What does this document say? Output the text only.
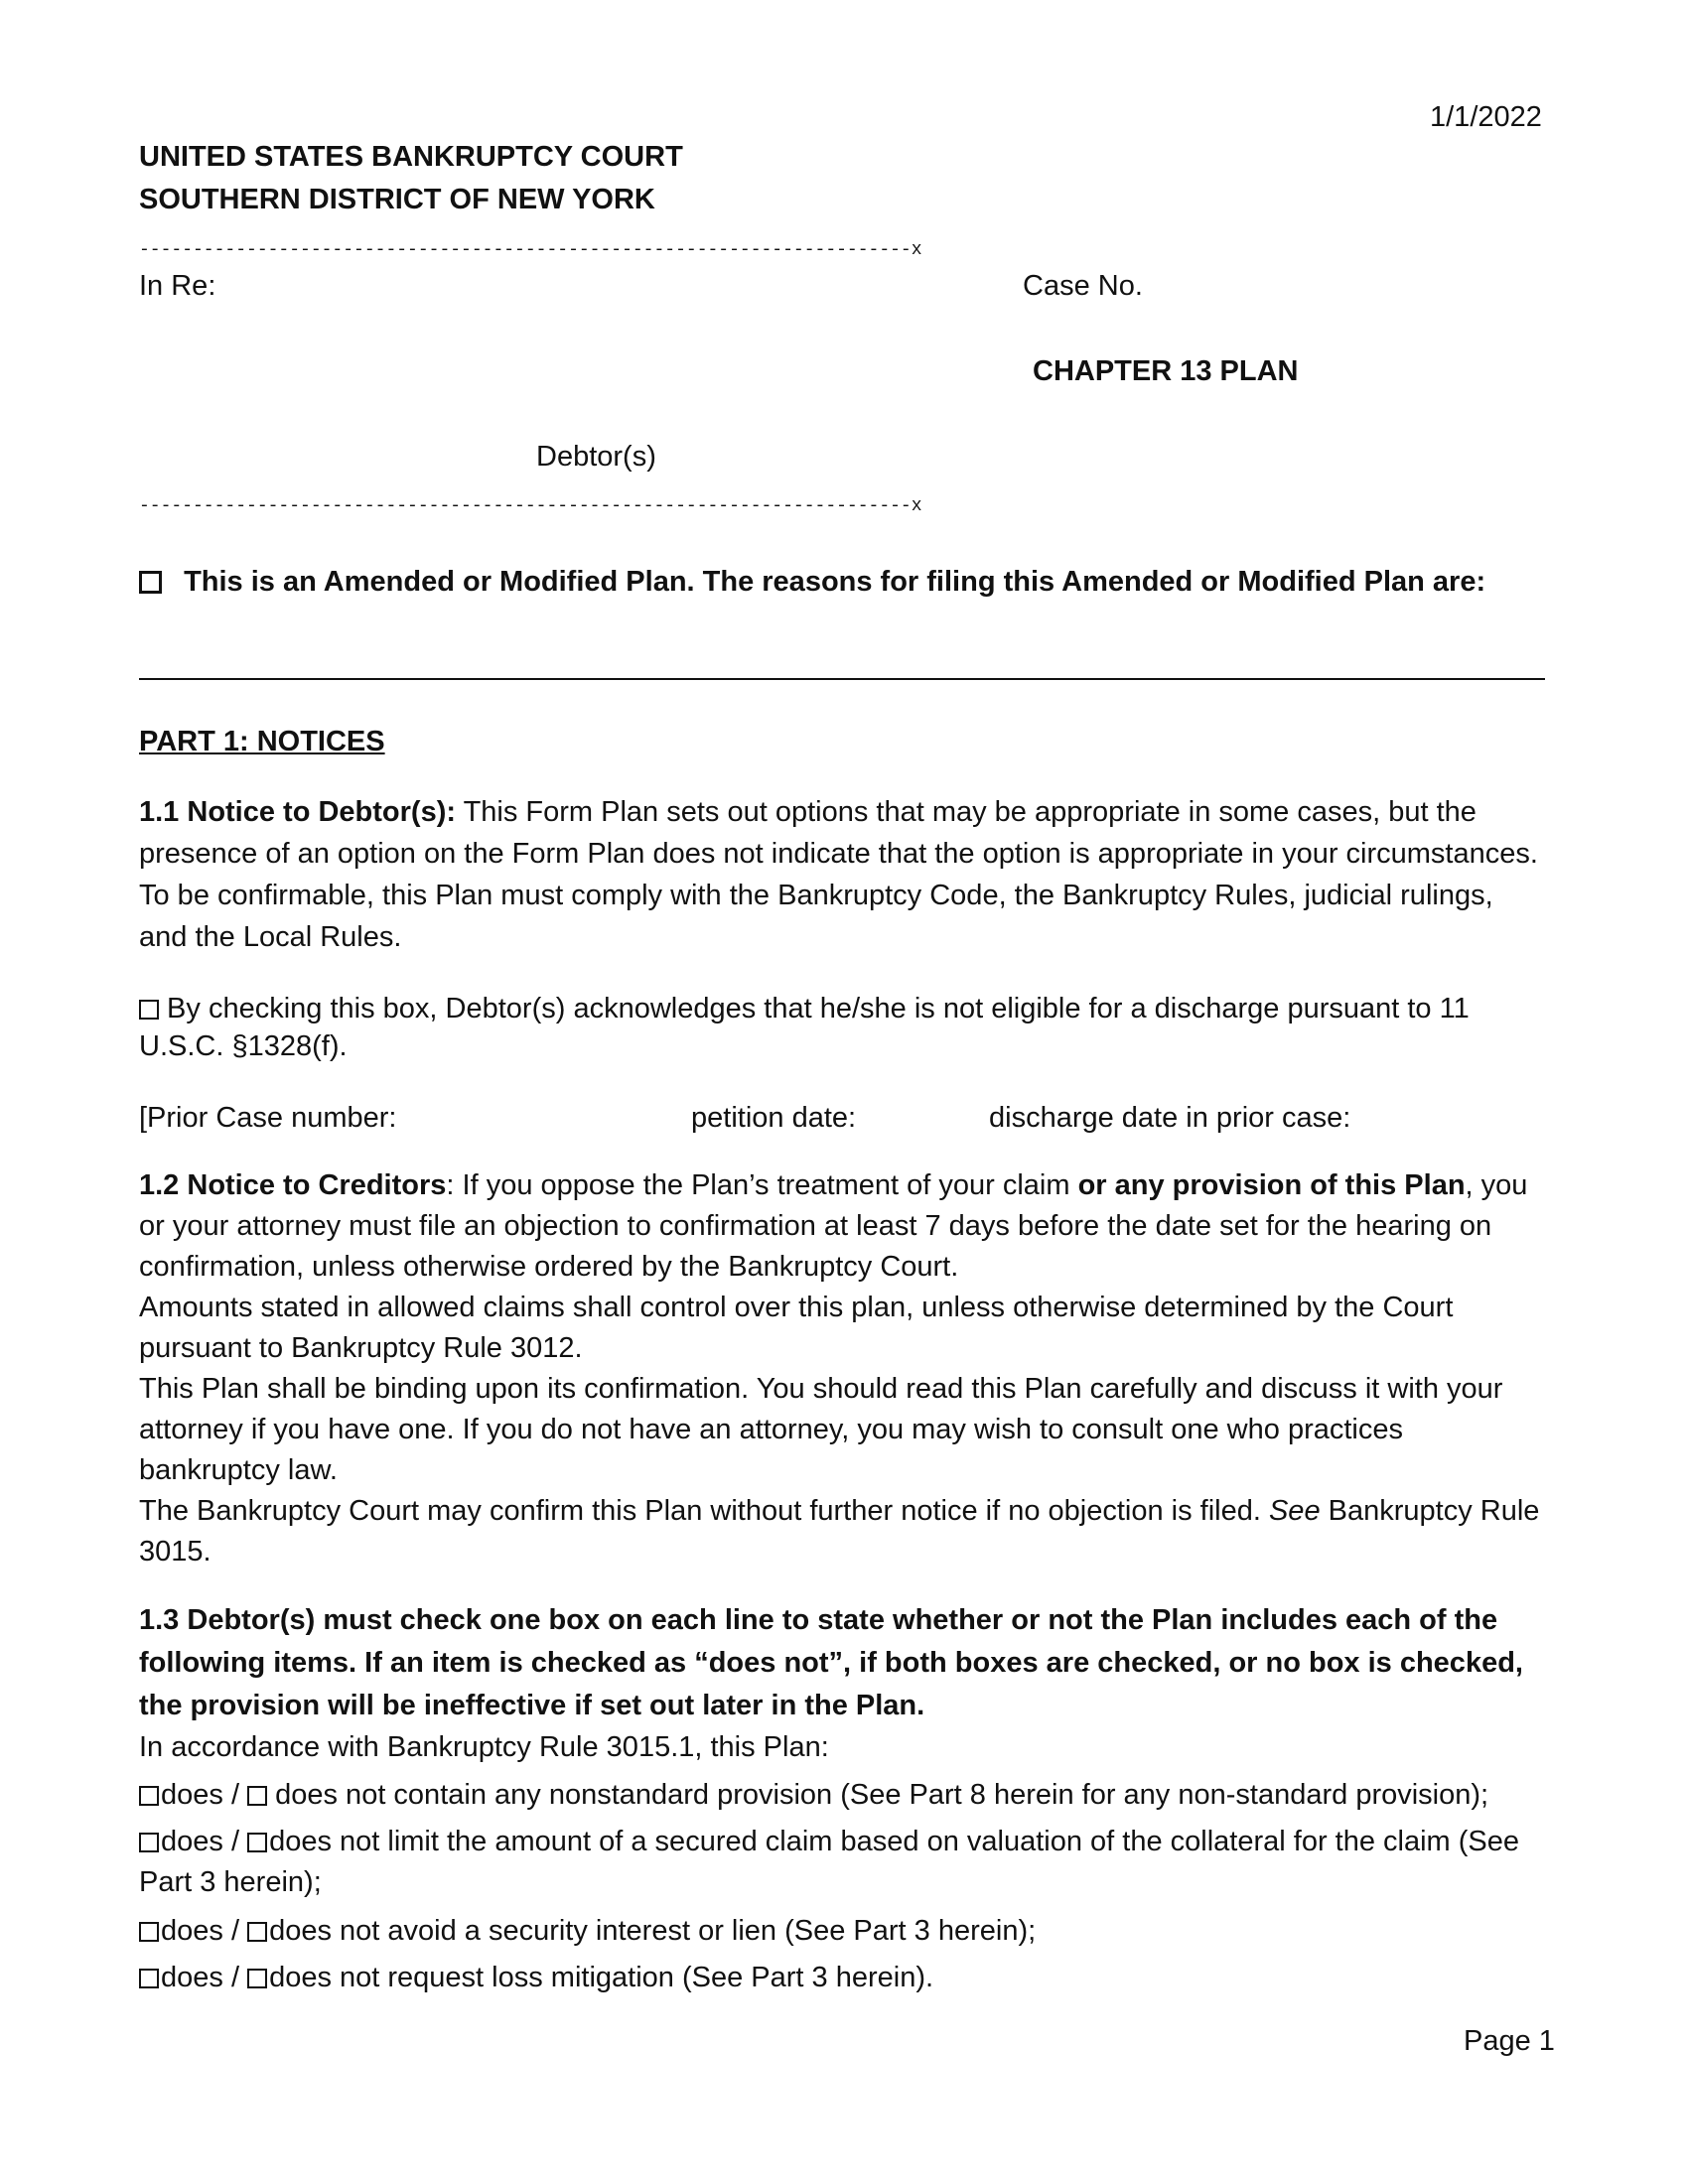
1/1/2022
UNITED STATES BANKRUPTCY COURT
SOUTHERN DISTRICT OF NEW YORK
------------------------------------------------------------------------x
In Re:	Case No.
CHAPTER 13 PLAN
Debtor(s)
------------------------------------------------------------------------x
This is an Amended or Modified Plan. The reasons for filing this Amended or Modified Plan are:
PART 1: NOTICES
1.1 Notice to Debtor(s): This Form Plan sets out options that may be appropriate in some cases, but the presence of an option on the Form Plan does not indicate that the option is appropriate in your circumstances. To be confirmable, this Plan must comply with the Bankruptcy Code, the Bankruptcy Rules, judicial rulings, and the Local Rules.
By checking this box, Debtor(s) acknowledges that he/she is not eligible for a discharge pursuant to 11 U.S.C. §1328(f).
[Prior Case number:	petition date:	discharge date in prior case:
1.2 Notice to Creditors: If you oppose the Plan’s treatment of your claim or any provision of this Plan, you or your attorney must file an objection to confirmation at least 7 days before the date set for the hearing on confirmation, unless otherwise ordered by the Bankruptcy Court.
Amounts stated in allowed claims shall control over this plan, unless otherwise determined by the Court pursuant to Bankruptcy Rule 3012.
This Plan shall be binding upon its confirmation. You should read this Plan carefully and discuss it with your attorney if you have one. If you do not have an attorney, you may wish to consult one who practices bankruptcy law.
The Bankruptcy Court may confirm this Plan without further notice if no objection is filed. See Bankruptcy Rule 3015.
1.3 Debtor(s) must check one box on each line to state whether or not the Plan includes each of the following items. If an item is checked as “does not”, if both boxes are checked, or no box is checked, the provision will be ineffective if set out later in the Plan.
In accordance with Bankruptcy Rule 3015.1, this Plan:
does /  does not contain any nonstandard provision (See Part 8 herein for any non-standard provision);
does / does not limit the amount of a secured claim based on valuation of the collateral for the claim (See Part 3 herein);
does / does not avoid a security interest or lien (See Part 3 herein);
does / does not request loss mitigation (See Part 3 herein).
Page 1
